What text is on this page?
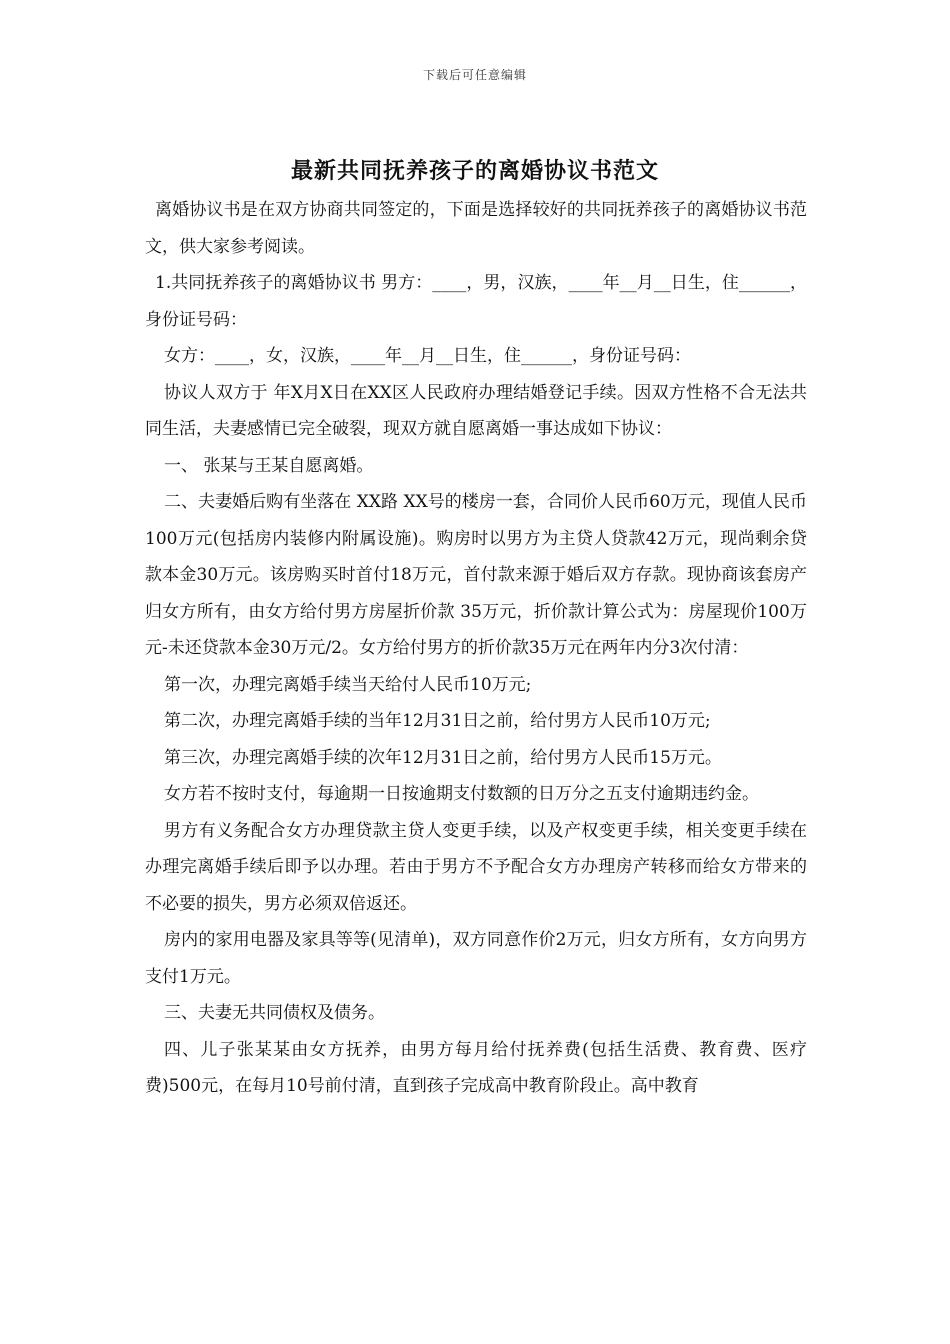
下载后可任意编辑
最新共同抚养孩子的离婚协议书范文

离婚协议书是在双方协商共同签定的，下面是选择较好的共同抚养孩子的离婚协议书范文，供大家参考阅读。

1.共同抚养孩子的离婚协议书 男方：____，男，汉族，____年__月__日生，住______，身份证号码：

女方：____，女，汉族，____年__月__日生，住______，身份证号码：

协议人双方于 年X月X日在XX区人民政府办理结婚登记手续。因双方性格不合无法共同生活，夫妻感情已完全破裂，现双方就自愿离婚一事达成如下协议：

一、 张某与王某自愿离婚。

二、夫妻婚后购有坐落在 XX路 XX号的楼房一套，合同价人民币60万元，现值人民币100万元(包括房内装修内附属设施)。购房时以男方为主贷人贷款42万元，现尚剩余贷款本金30万元。该房购买时首付18万元，首付款来源于婚后双方存款。现协商该套房产归女方所有，由女方给付男方房屋折价款 35万元，折价款计算公式为：房屋现价100万元-未还贷款本金30万元/2。女方给付男方的折价款35万元在两年内分3次付清：

第一次，办理完离婚手续当天给付人民币10万元;

第二次，办理完离婚手续的当年12月31日之前，给付男方人民币10万元;

第三次，办理完离婚手续的次年12月31日之前，给付男方人民币15万元。

女方若不按时支付，每逾期一日按逾期支付数额的日万分之五支付逾期违约金。

男方有义务配合女方办理贷款主贷人变更手续，以及产权变更手续，相关变更手续在办理完离婚手续后即予以办理。若由于男方不予配合女方办理房产转移而给女方带来的不必要的损失，男方必须双倍返还。

房内的家用电器及家具等等(见清单)，双方同意作价2万元，归女方所有，女方向男方支付1万元。

三、夫妻无共同债权及债务。

四、儿子张某某由女方抚养，由男方每月给付抚养费(包括生活费、教育费、医疗费)500元，在每月10号前付清，直到孩子完成高中教育阶段止。高中教育
